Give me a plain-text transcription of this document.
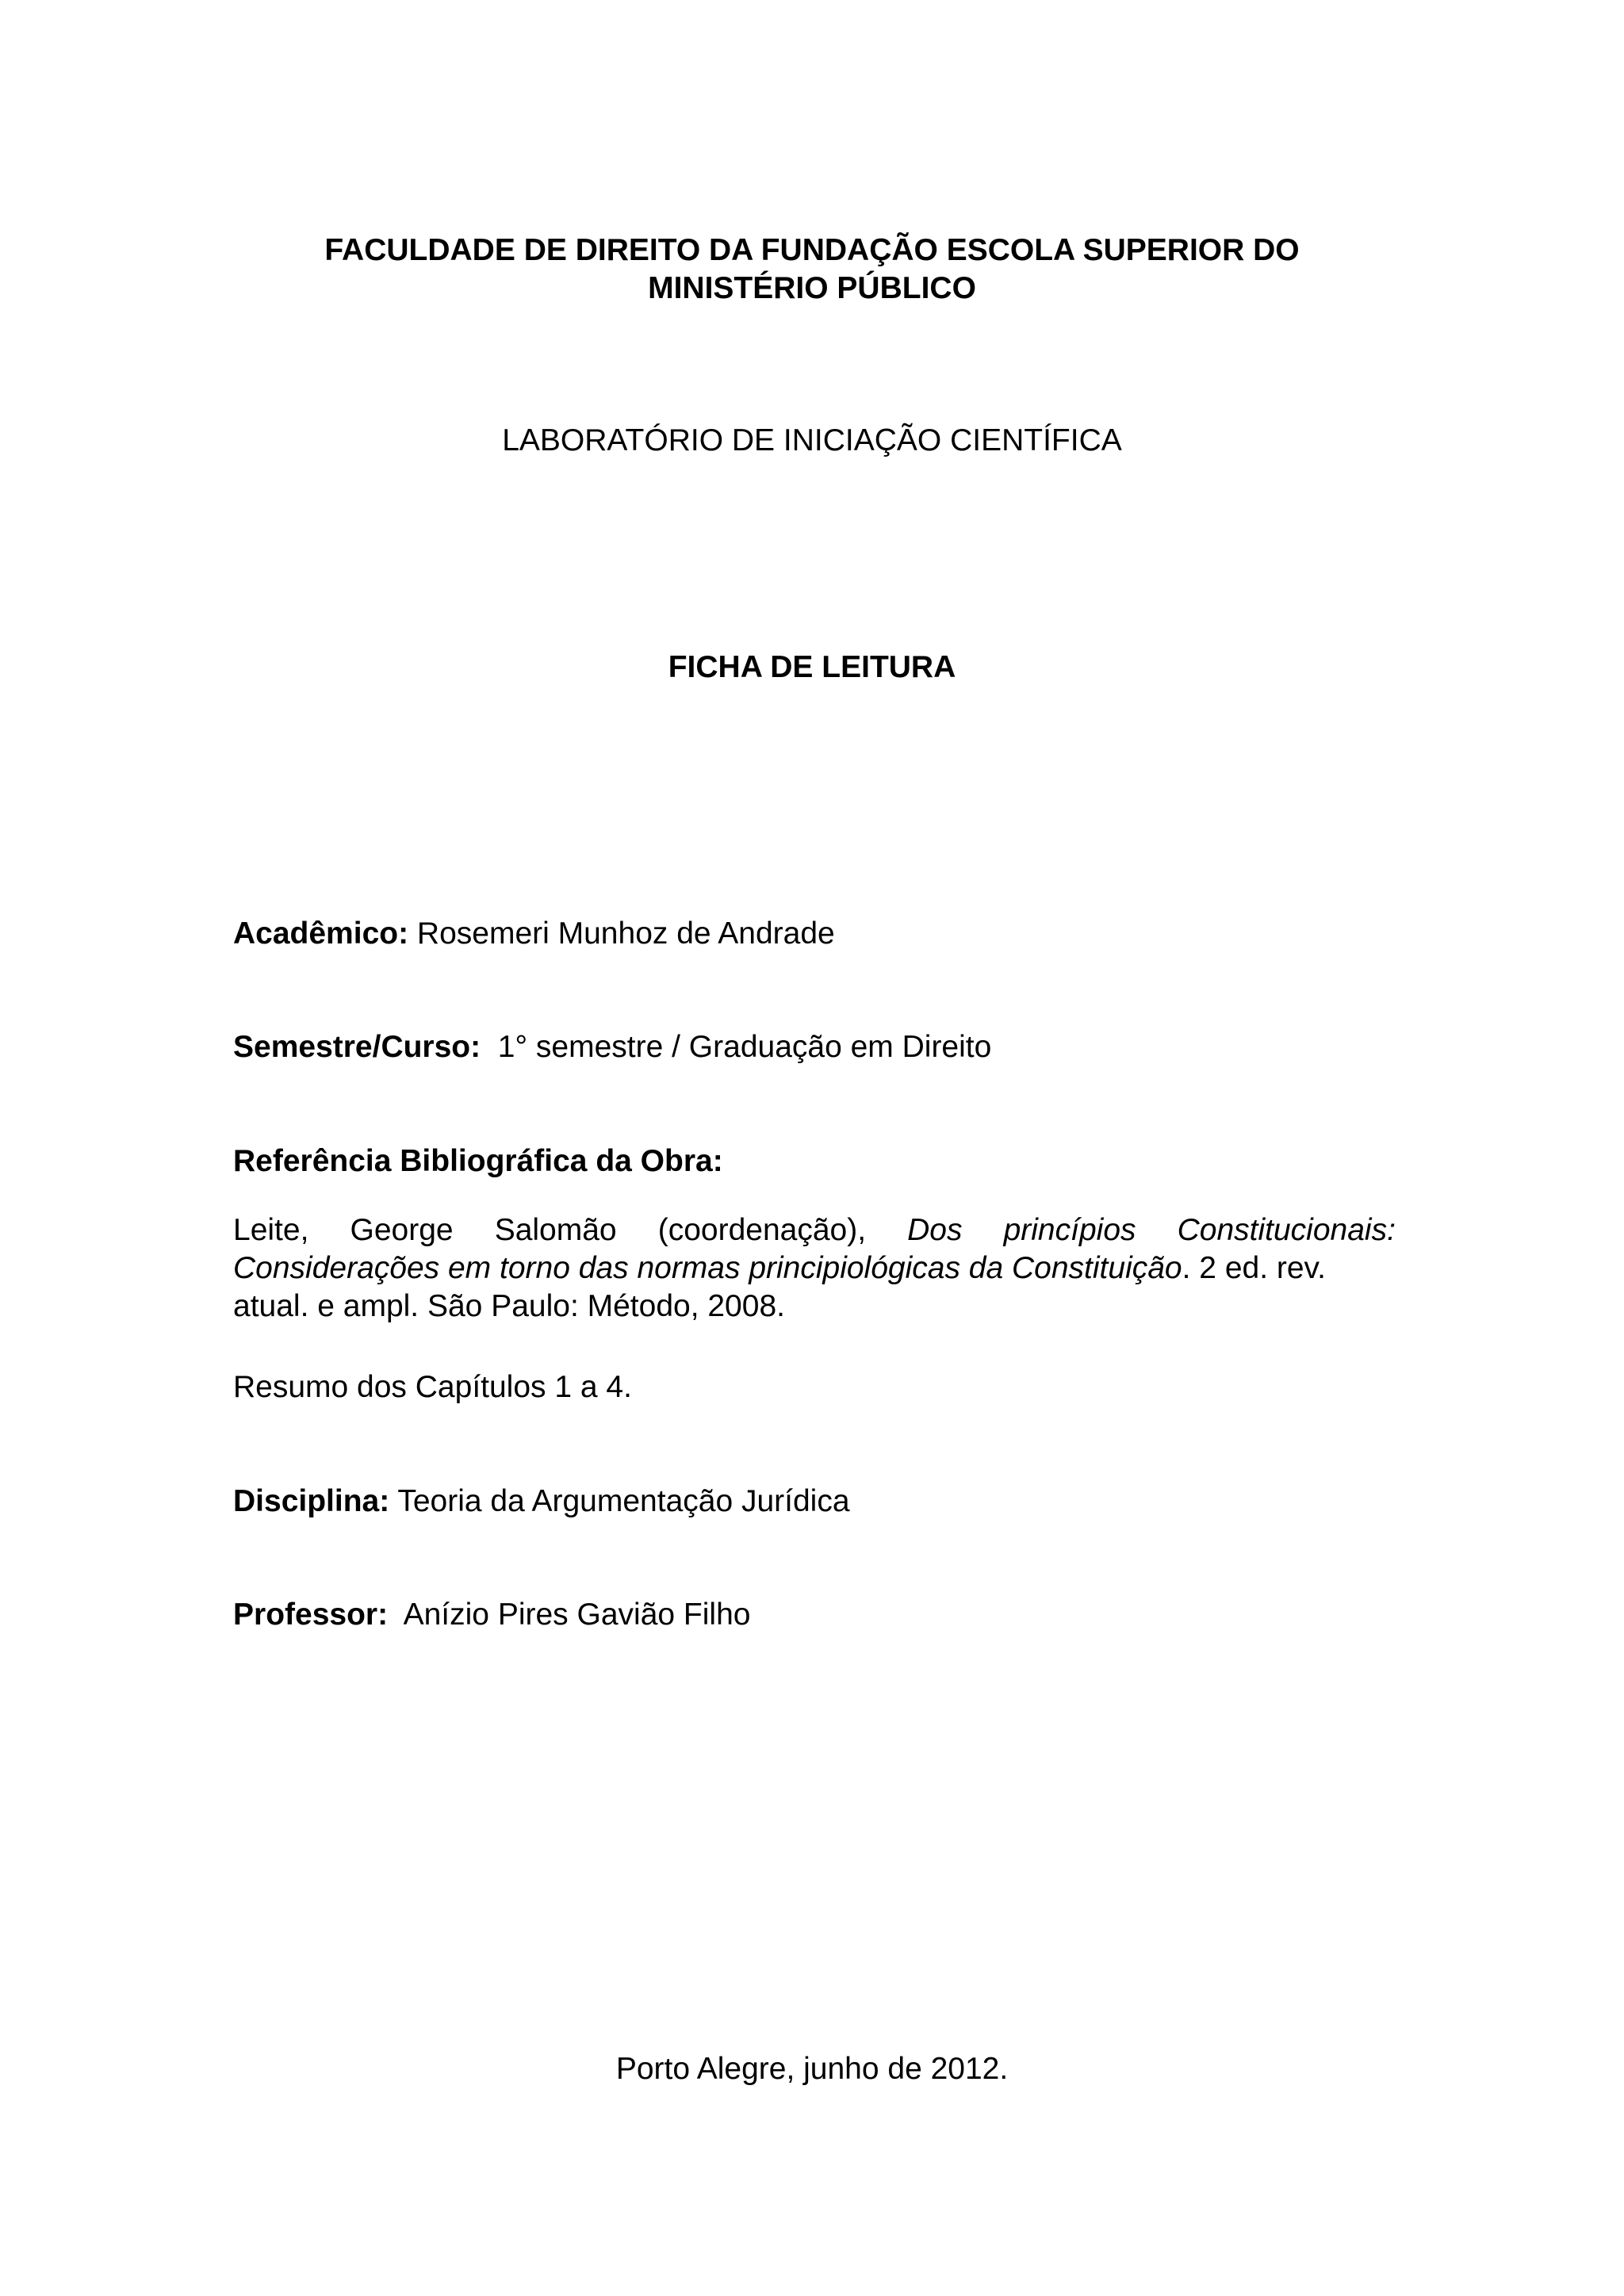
FACULDADE DE DIREITO DA FUNDAÇÃO ESCOLA SUPERIOR DO
MINISTÉRIO PÚBLICO
LABORATÓRIO DE INICIAÇÃO CIENTÍFICA
FICHA DE LEITURA
Acadêmico: Rosemeri Munhoz de Andrade
Semestre/Curso: 1° semestre / Graduação em Direito
Referência Bibliográfica da Obra:
Leite, George Salomão (coordenação), Dos princípios Constitucionais:
Considerações em torno das normas principiológicas da Constituição. 2 ed. rev.
atual. e ampl. São Paulo: Método, 2008.
Resumo dos Capítulos 1 a 4.
Disciplina: Teoria da Argumentação Jurídica
Professor: Anízio Pires Gavião Filho
Porto Alegre, junho de 2012.
